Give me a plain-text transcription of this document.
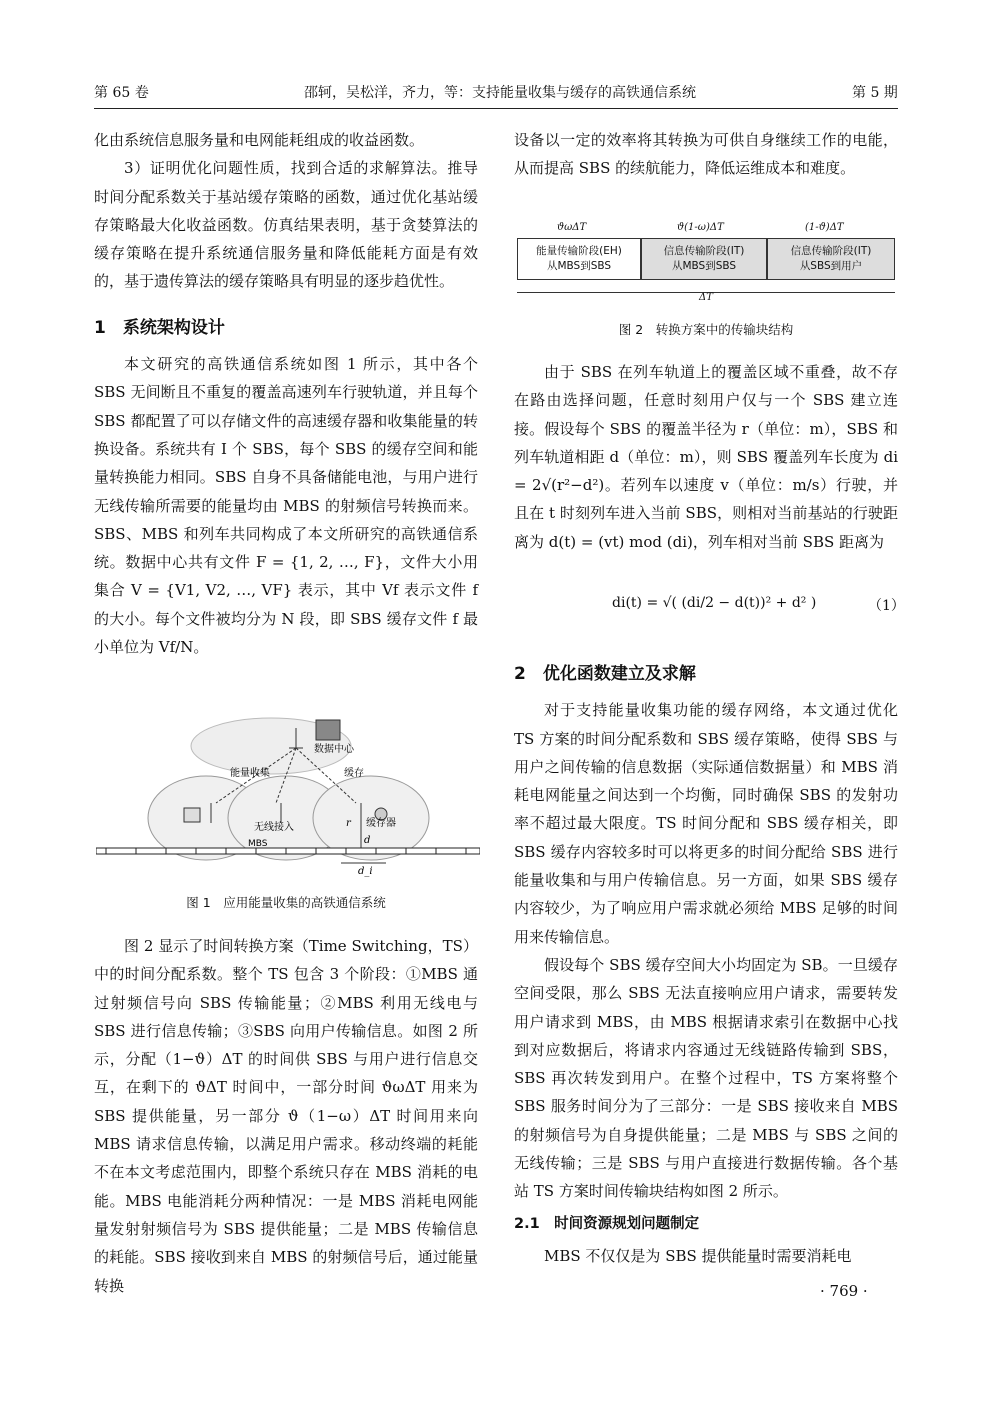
第 65 卷	邵轲，吴松洋，齐力，等：支持能量收集与缓存的高铁通信系统	第 5 期

化由系统信息服务量和电网能耗组成的收益函数。

3）证明优化问题性质，找到合适的求解算法。推导时间分配系数关于基站缓存策略的函数，通过优化基站缓存策略最大化收益函数。仿真结果表明，基于贪婪算法的缓存策略在提升系统通信服务量和降低能耗方面是有效的，基于遗传算法的缓存策略具有明显的逐步趋优性。

1　系统架构设计

本文研究的高铁通信系统如图 1 所示，其中各个 SBS 无间断且不重复的覆盖高速列车行驶轨道，并且每个 SBS 都配置了可以存储文件的高速缓存器和收集能量的转换设备。系统共有 I 个 SBS，每个 SBS 的缓存空间和能量转换能力相同。SBS 自身不具备储能电池，与用户进行无线传输所需要的能量均由 MBS 的射频信号转换而来。SBS、MBS 和列车共同构成了本文所研究的高铁通信系统。数据中心共有文件 F = {1, 2, …, F}，文件大小用集合 V = {V1, V2, …, VF} 表示，其中 Vf 表示文件 f 的大小。每个文件被均分为 N 段，即 SBS 缓存文件 f 最小单位为 Vf/N。

数据中心
能量收集	缓存
无线接入	缓存器
MBS
r
d
d_i
图 1　应用能量收集的高铁通信系统

图 2 显示了时间转换方案（Time Switching，TS）中的时间分配系数。整个 TS 包含 3 个阶段：①MBS 通过射频信号向 SBS 传输能量；②MBS 利用无线电与SBS 进行信息传输；③SBS 向用户传输信息。如图 2 所示，分配（1−ϑ）ΔT 的时间供 SBS 与用户进行信息交互，在剩下的 ϑΔT 时间中，一部分时间 ϑωΔT 用来为 SBS 提供能量，另一部分 ϑ（1−ω）ΔT 时间用来向 MBS 请求信息传输，以满足用户需求。移动终端的耗能不在本文考虑范围内，即整个系统只存在 MBS 消耗的电能。MBS 电能消耗分两种情况：一是 MBS 消耗电网能量发射射频信号为 SBS 提供能量；二是 MBS 传输信息的耗能。SBS 接收到来自 MBS 的射频信号后，通过能量转换

设备以一定的效率将其转换为可供自身继续工作的电能，从而提高 SBS 的续航能力，降低运维成本和难度。

ϑωΔT	ϑ(1-ω)ΔT	(1-ϑ)ΔT
能量传输阶段(EH)
从MBS到SBS
信息传输阶段(IT)
从MBS到SBS
信息传输阶段(IT)
从SBS到用户
ΔT
图 2　转换方案中的传输块结构

由于 SBS 在列车轨道上的覆盖区域不重叠，故不存在路由选择问题，任意时刻用户仅与一个 SBS 建立连接。假设每个 SBS 的覆盖半径为 r（单位：m），SBS 和列车轨道相距 d（单位：m），则 SBS 覆盖列车长度为 di = 2√(r²−d²)。若列车以速度 v（单位：m/s）行驶，并且在 t 时刻列车进入当前 SBS，则相对当前基站的行驶距离为 d(t) = (vt) mod (di)，列车相对当前 SBS 距离为

di(t) = √( (di/2 − d(t))² + d² )	（1）

2　优化函数建立及求解

对于支持能量收集功能的缓存网络，本文通过优化 TS 方案的时间分配系数和 SBS 缓存策略，使得 SBS 与用户之间传输的信息数据（实际通信数据量）和 MBS 消耗电网能量之间达到一个均衡，同时确保 SBS 的发射功率不超过最大限度。TS 时间分配和 SBS 缓存相关，即 SBS 缓存内容较多时可以将更多的时间分配给 SBS 进行能量收集和与用户传输信息。另一方面，如果 SBS 缓存内容较少，为了响应用户需求就必须给 MBS 足够的时间用来传输信息。

假设每个 SBS 缓存空间大小均固定为 SB。一旦缓存空间受限，那么 SBS 无法直接响应用户请求，需要转发用户请求到 MBS，由 MBS 根据请求索引在数据中心找到对应数据后，将请求内容通过无线链路传输到 SBS，SBS 再次转发到用户。在整个过程中，TS 方案将整个 SBS 服务时间分为了三部分：一是 SBS 接收来自 MBS 的射频信号为自身提供能量；二是 MBS 与 SBS 之间的无线传输；三是 SBS 与用户直接进行数据传输。各个基站 TS 方案时间传输块结构如图 2 所示。

2.1　时间资源规划问题制定

MBS 不仅仅是为 SBS 提供能量时需要消耗电

· 769 ·
